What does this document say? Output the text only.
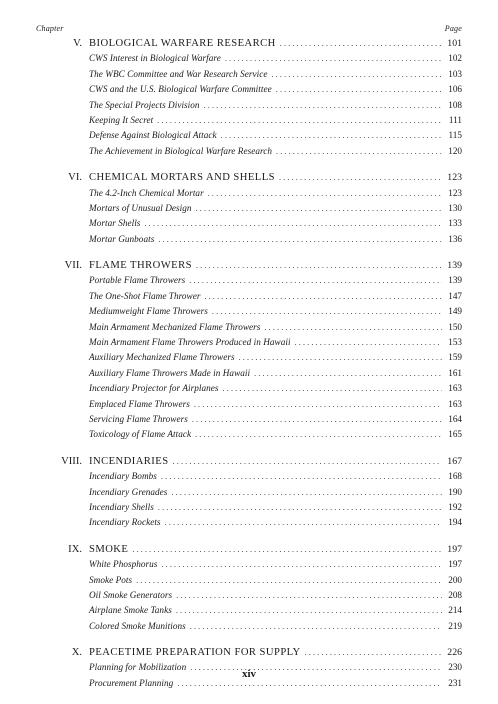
Chapter	Page
V. BIOLOGICAL WARFARE RESEARCH .....	101
CWS Interest in Biological Warfare .....	102
The WBC Committee and War Research Service .....	103
CWS and the U.S. Biological Warfare Committee .....	106
The Special Projects Division .....	108
Keeping It Secret .....	111
Defense Against Biological Attack .....	115
The Achievement in Biological Warfare Research .....	120
VI. CHEMICAL MORTARS AND SHELLS .....	123
The 4.2-Inch Chemical Mortar .....	123
Mortars of Unusual Design .....	130
Mortar Shells .....	133
Mortar Gunboats .....	136
VII. FLAME THROWERS .....	139
Portable Flame Throwers .....	139
The One-Shot Flame Thrower .....	147
Mediumweight Flame Throwers .....	149
Main Armament Mechanized Flame Throwers .....	150
Main Armament Flame Throwers Produced in Hawaii .....	153
Auxiliary Mechanized Flame Throwers .....	159
Auxiliary Flame Throwers Made in Hawaii .....	161
Incendiary Projector for Airplanes .....	163
Emplaced Flame Throwers .....	163
Servicing Flame Throwers .....	164
Toxicology of Flame Attack .....	165
VIII. INCENDIARIES .....	167
Incendiary Bombs .....	168
Incendiary Grenades .....	190
Incendiary Shells .....	192
Incendiary Rockets .....	194
IX. SMOKE .....	197
White Phosphorus .....	197
Smoke Pots .....	200
Oil Smoke Generators .....	208
Airplane Smoke Tanks .....	214
Colored Smoke Munitions .....	219
X. PEACETIME PREPARATION FOR SUPPLY .....	226
Planning for Mobilization .....	230
Procurement Planning .....	231
xiv
